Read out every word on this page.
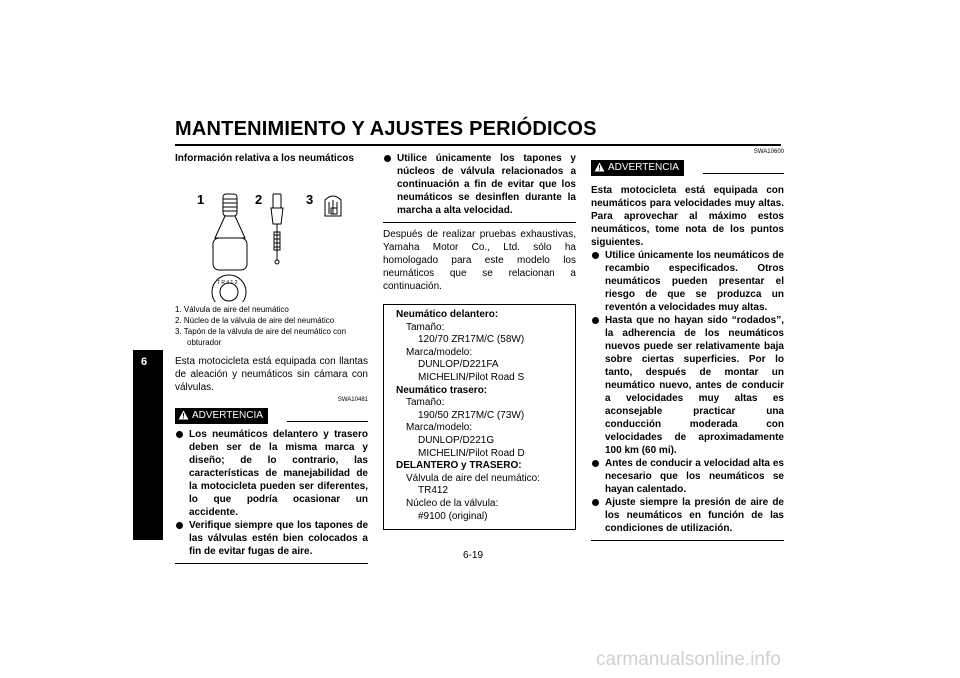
MANTENIMIENTO Y AJUSTES PERIÓDICOS
6
Información relativa a los neumáticos
1	2	3
T R 4 1 2
1. Válvula de aire del neumático
2. Núcleo de la válvula de aire del neumático
3. Tapón de la válvula de aire del neumático con obturador
Esta motocicleta está equipada con llantas de aleación y neumáticos sin cámara con válvulas.
SWA10481
ADVERTENCIA
Los neumáticos delantero y trasero deben ser de la misma marca y diseño; de lo contrario, las características de manejabilidad de la motocicleta pueden ser diferentes, lo que podría ocasionar un accidente.
Verifique siempre que los tapones de las válvulas estén bien colocados a fin de evitar fugas de aire.
Utilice únicamente los tapones y núcleos de válvula relacionados a continuación a fin de evitar que los neumáticos se desinflen durante la marcha a alta velocidad.
Después de realizar pruebas exhaustivas, Yamaha Motor Co., Ltd. sólo ha homologado para este modelo los neumáticos que se relacionan a continuación.
Neumático delantero:
Tamaño:
120/70 ZR17M/C (58W)
Marca/modelo:
DUNLOP/D221FA
MICHELIN/Pilot Road S
Neumático trasero:
Tamaño:
190/50 ZR17M/C (73W)
Marca/modelo:
DUNLOP/D221G
MICHELIN/Pilot Road D
DELANTERO y TRASERO:
Válvula de aire del neumático:
TR412
Núcleo de la válvula:
#9100 (original)
SWA10600
ADVERTENCIA
Esta motocicleta está equipada con neumáticos para velocidades muy altas. Para aprovechar al máximo estos neumáticos, tome nota de los puntos siguientes.
Utilice únicamente los neumáticos de recambio especificados. Otros neumáticos pueden presentar el riesgo de que se produzca un reventón a velocidades muy altas.
Hasta que no hayan sido “rodados”, la adherencia de los neumáticos nuevos puede ser relativamente baja sobre ciertas superficies. Por lo tanto, después de montar un neumático nuevo, antes de conducir a velocidades muy altas es aconsejable practicar una conducción moderada con velocidades de aproximadamente 100 km (60 mi).
Antes de conducir a velocidad alta es necesario que los neumáticos se hayan calentado.
Ajuste siempre la presión de aire de los neumáticos en función de las condiciones de utilización.
6-19
carmanualsonline.info
